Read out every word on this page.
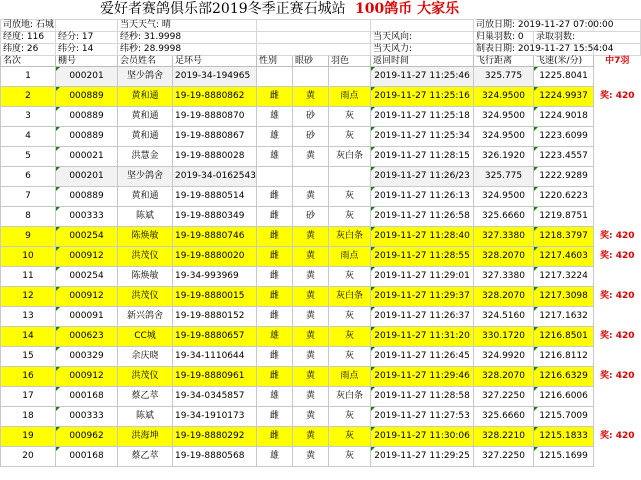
爱好者赛鸽俱乐部2019冬季正赛石城站 100鸽币 大家乐
司放地: 石城		当天天气: 晴						司放日期: 2019-11-27 07:00:00		
经度: 116	经分: 17	经秒: 31.9998					当天风向:	归巢羽数: 0	录取羽数:	
纬度: 26	纬分: 14	纬秒: 28.9998					当天风力:	制表日期: 2019-11-27 15:54:04		
名次	棚号	会员姓名	足环号	性别	眼砂	羽色	返回时间	飞行距离	飞速(米/分)	中7羽
1	000201	坚少鸽舍	2019-34-194965				2019-11-27 11:25:46	325.775	1225.8041	
2	000889	黄和通	19-19-8880862	雌	黄	雨点	2019-11-27 11:25:16	324.9500	1224.9937	奖: 420
3	000889	黄和通	19-19-8880870	雄	砂	灰	2019-11-27 11:25:18	324.9500	1224.9018	
4	000889	黄和通	19-19-8880867	雄	砂	灰	2019-11-27 11:25:34	324.9500	1223.6099	
5	000021	洪慧金	19-19-8880028	雄	黄	灰白条	2019-11-27 11:28:15	326.1920	1223.4557	
6	000201	坚少鸽舍	2019-34-0162543				2019-11-27 11:26/23	325.775	1222.9289	
7	000889	黄和通	19-19-8880514	雌	黄	灰	2019-11-27 11:26:13	324.9500	1220.6223	
8	000333	陈斌	19-19-8880349	雌	砂	灰	2019-11-27 11:26:58	325.6660	1219.8751	
9	000254	陈焕敏	19-19-8880746	雌	黄	灰白条	2019-11-27 11:28:40	327.3380	1218.3797	奖: 420
10	000912	洪茂仪	19-19-8880020	雌	黄	雨点	2019-11-27 11:28:55	328.2070	1217.4603	奖: 420
11	000254	陈焕敏	19-34-993969	雌	黄	灰	2019-11-27 11:29:01	327.3380	1217.3224	
12	000912	洪茂仪	19-19-8880015	雌	黄	灰白条	2019-11-27 11:29:37	328.2070	1217.3098	奖: 420
13	000091	新兴鸽舍	19-19-8880152	雌	黄	灰	2019-11-27 11:26:37	324.5160	1217.1632	
14	000623	CC城	19-19-8880657	雄	黄	灰	2019-11-27 11:31:20	330.1720	1216.8501	奖: 420
15	000329	余庆晓	19-34-1110644	雌	黄	灰	2019-11-27 11:26:45	324.9920	1216.8112	
16	000912	洪茂仪	19-19-8880961	雌	黄	雨点	2019-11-27 11:29:46	328.2070	1216.6329	奖: 420
17	000168	蔡乙萃	19-34-0345857	雄	黄	灰白条	2019-11-27 11:28:58	327.2250	1216.6006	
18	000333	陈斌	19-34-1910173	雌	黄	灰	2019-11-27 11:27:53	325.6660	1215.7009	
19	000962	洪海坤	19-19-8880292	雌	黄	灰	2019-11-27 11:30:06	328.2210	1215.1833	奖: 420
20	000168	蔡乙萃	19-19-8880568	雄	黄	灰	2019-11-27 11:29:25	327.2250	1215.1699	
